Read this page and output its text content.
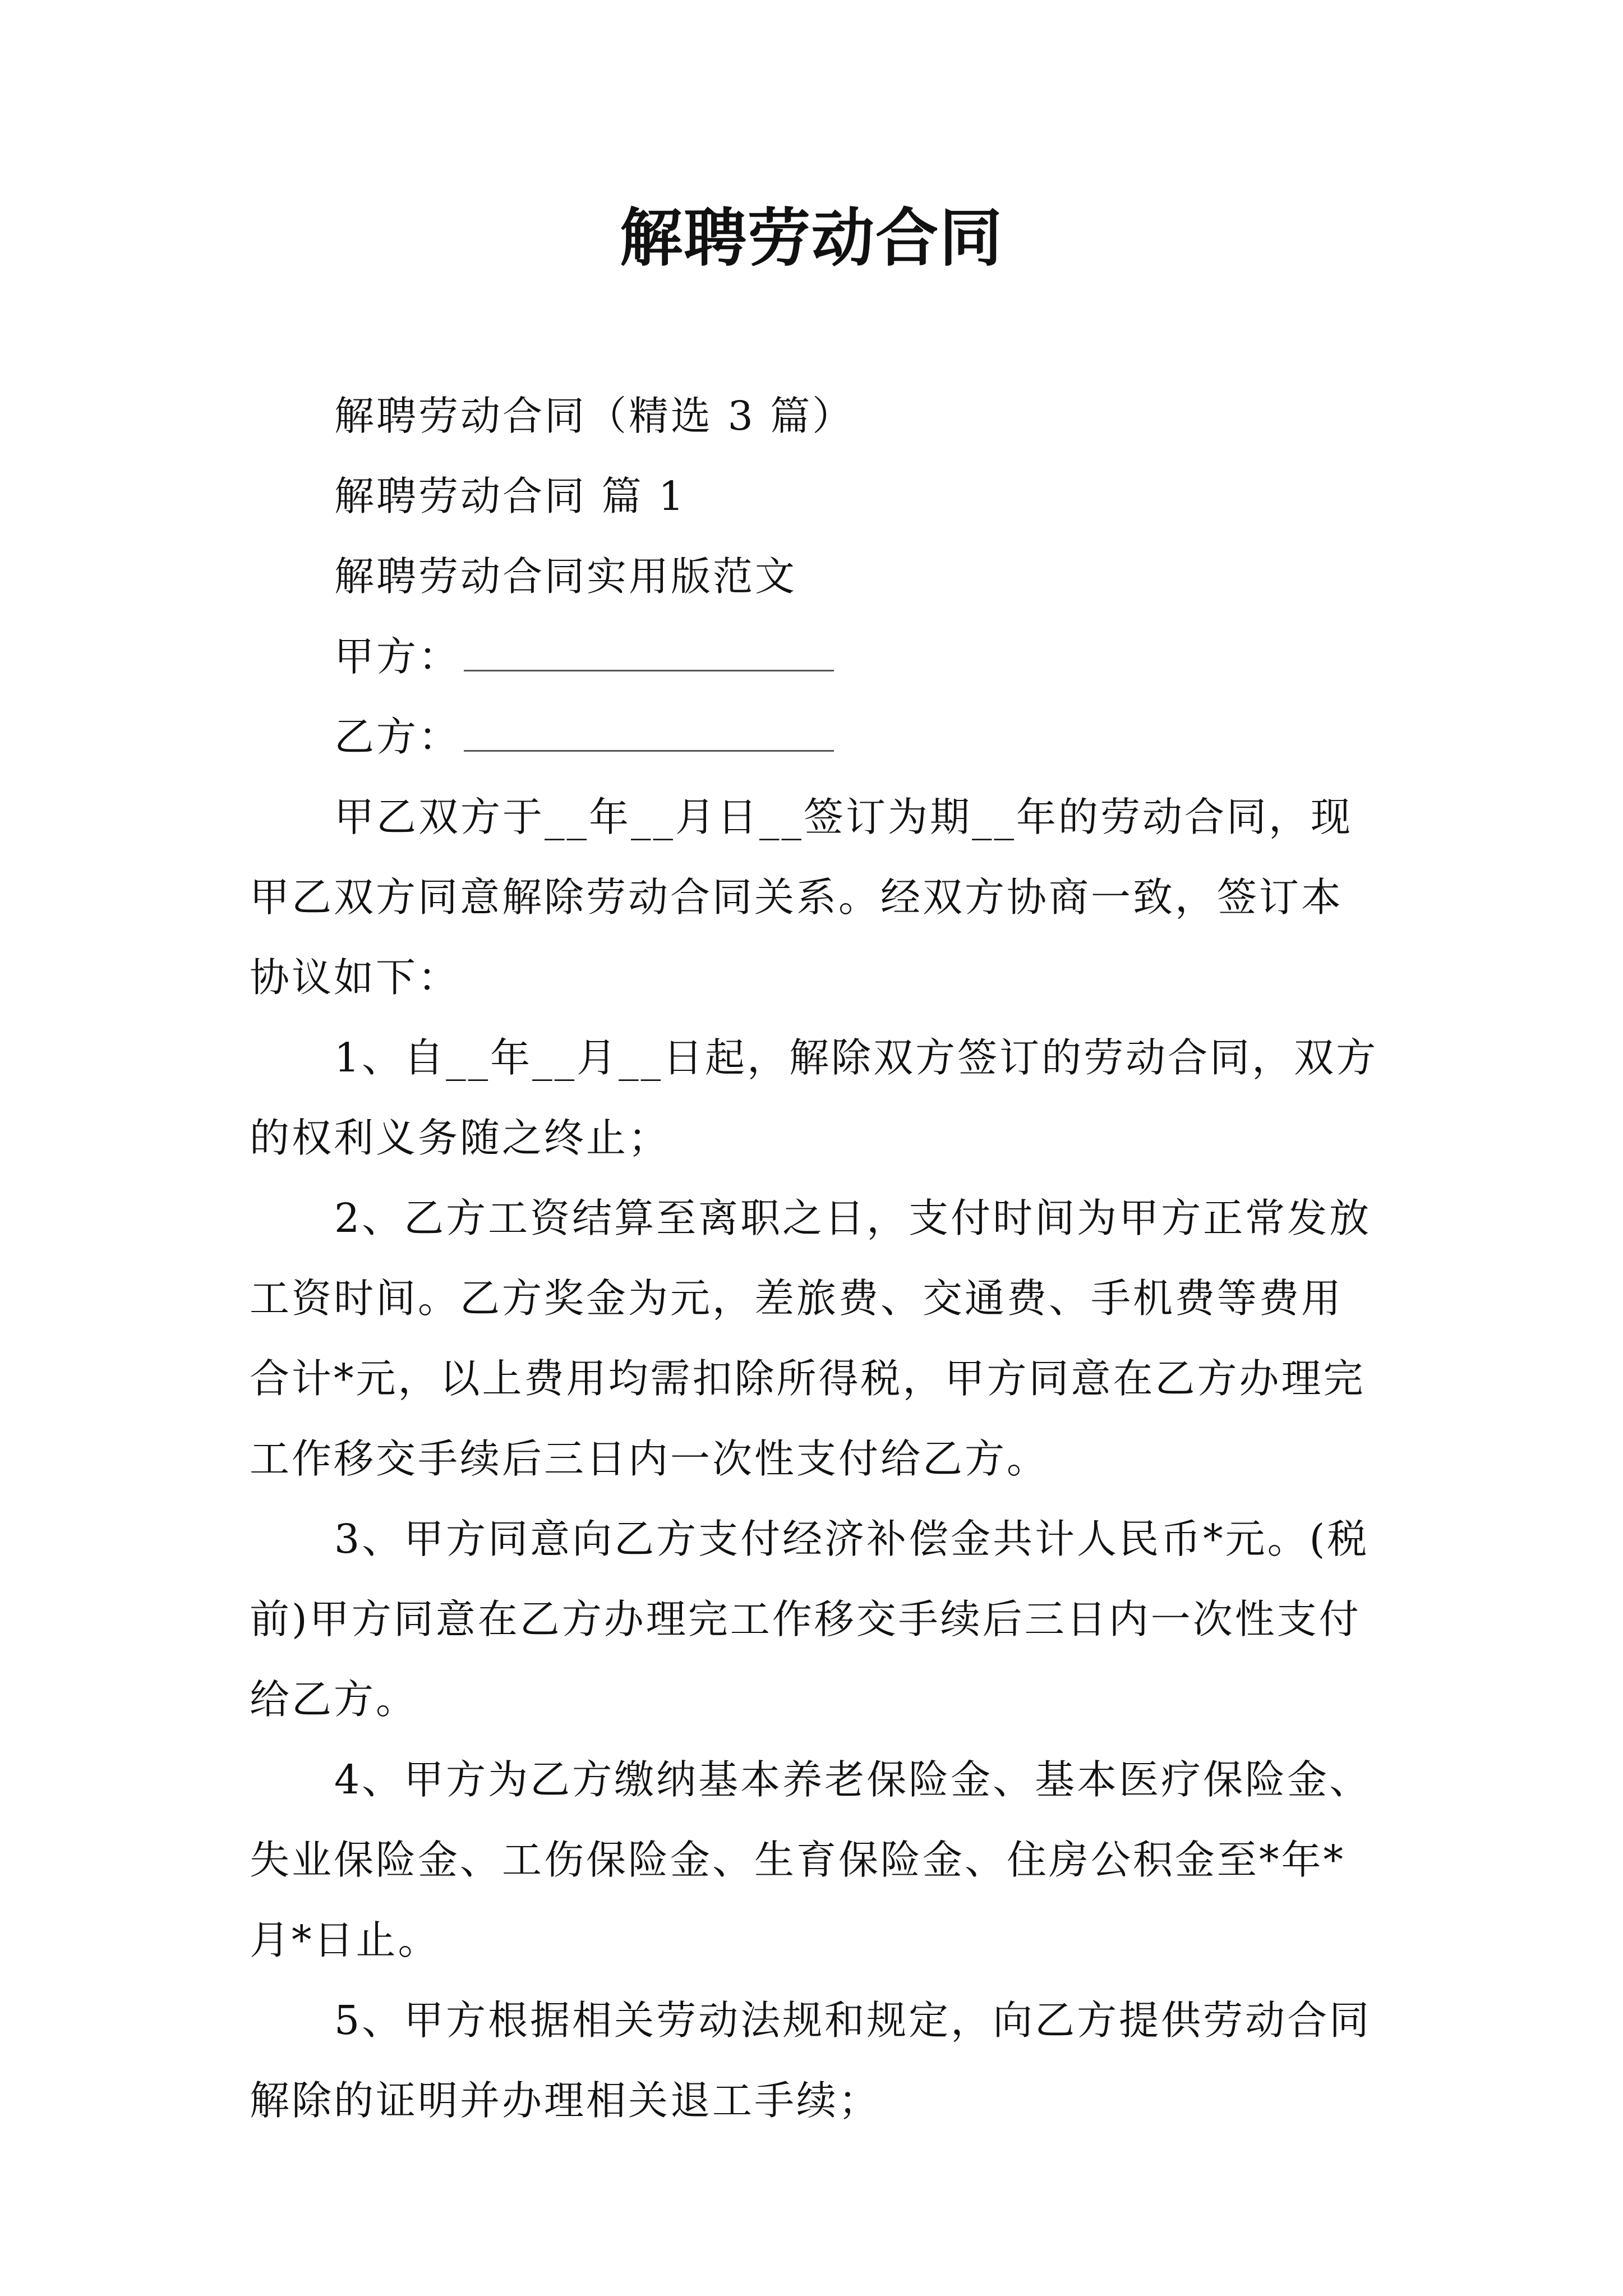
解聘劳动合同

解聘劳动合同（精选 3 篇）

解聘劳动合同 篇 1

解聘劳动合同实用版范文

甲方：
乙方：

甲乙双方于__年__月日__签订为期__年的劳动合同，现甲乙双方同意解除劳动合同关系。经双方协商一致，签订本协议如下：

1、自__年__月__日起，解除双方签订的劳动合同，双方的权利义务随之终止；

2、乙方工资结算至离职之日，支付时间为甲方正常发放工资时间。乙方奖金为元，差旅费、交通费、手机费等费用合计*元，以上费用均需扣除所得税，甲方同意在乙方办理完工作移交手续后三日内一次性支付给乙方。

3、甲方同意向乙方支付经济补偿金共计人民币*元。(税前)甲方同意在乙方办理完工作移交手续后三日内一次性支付给乙方。

4、甲方为乙方缴纳基本养老保险金、基本医疗保险金、失业保险金、工伤保险金、生育保险金、住房公积金至*年*月*日止。

5、甲方根据相关劳动法规和规定，向乙方提供劳动合同解除的证明并办理相关退工手续；
